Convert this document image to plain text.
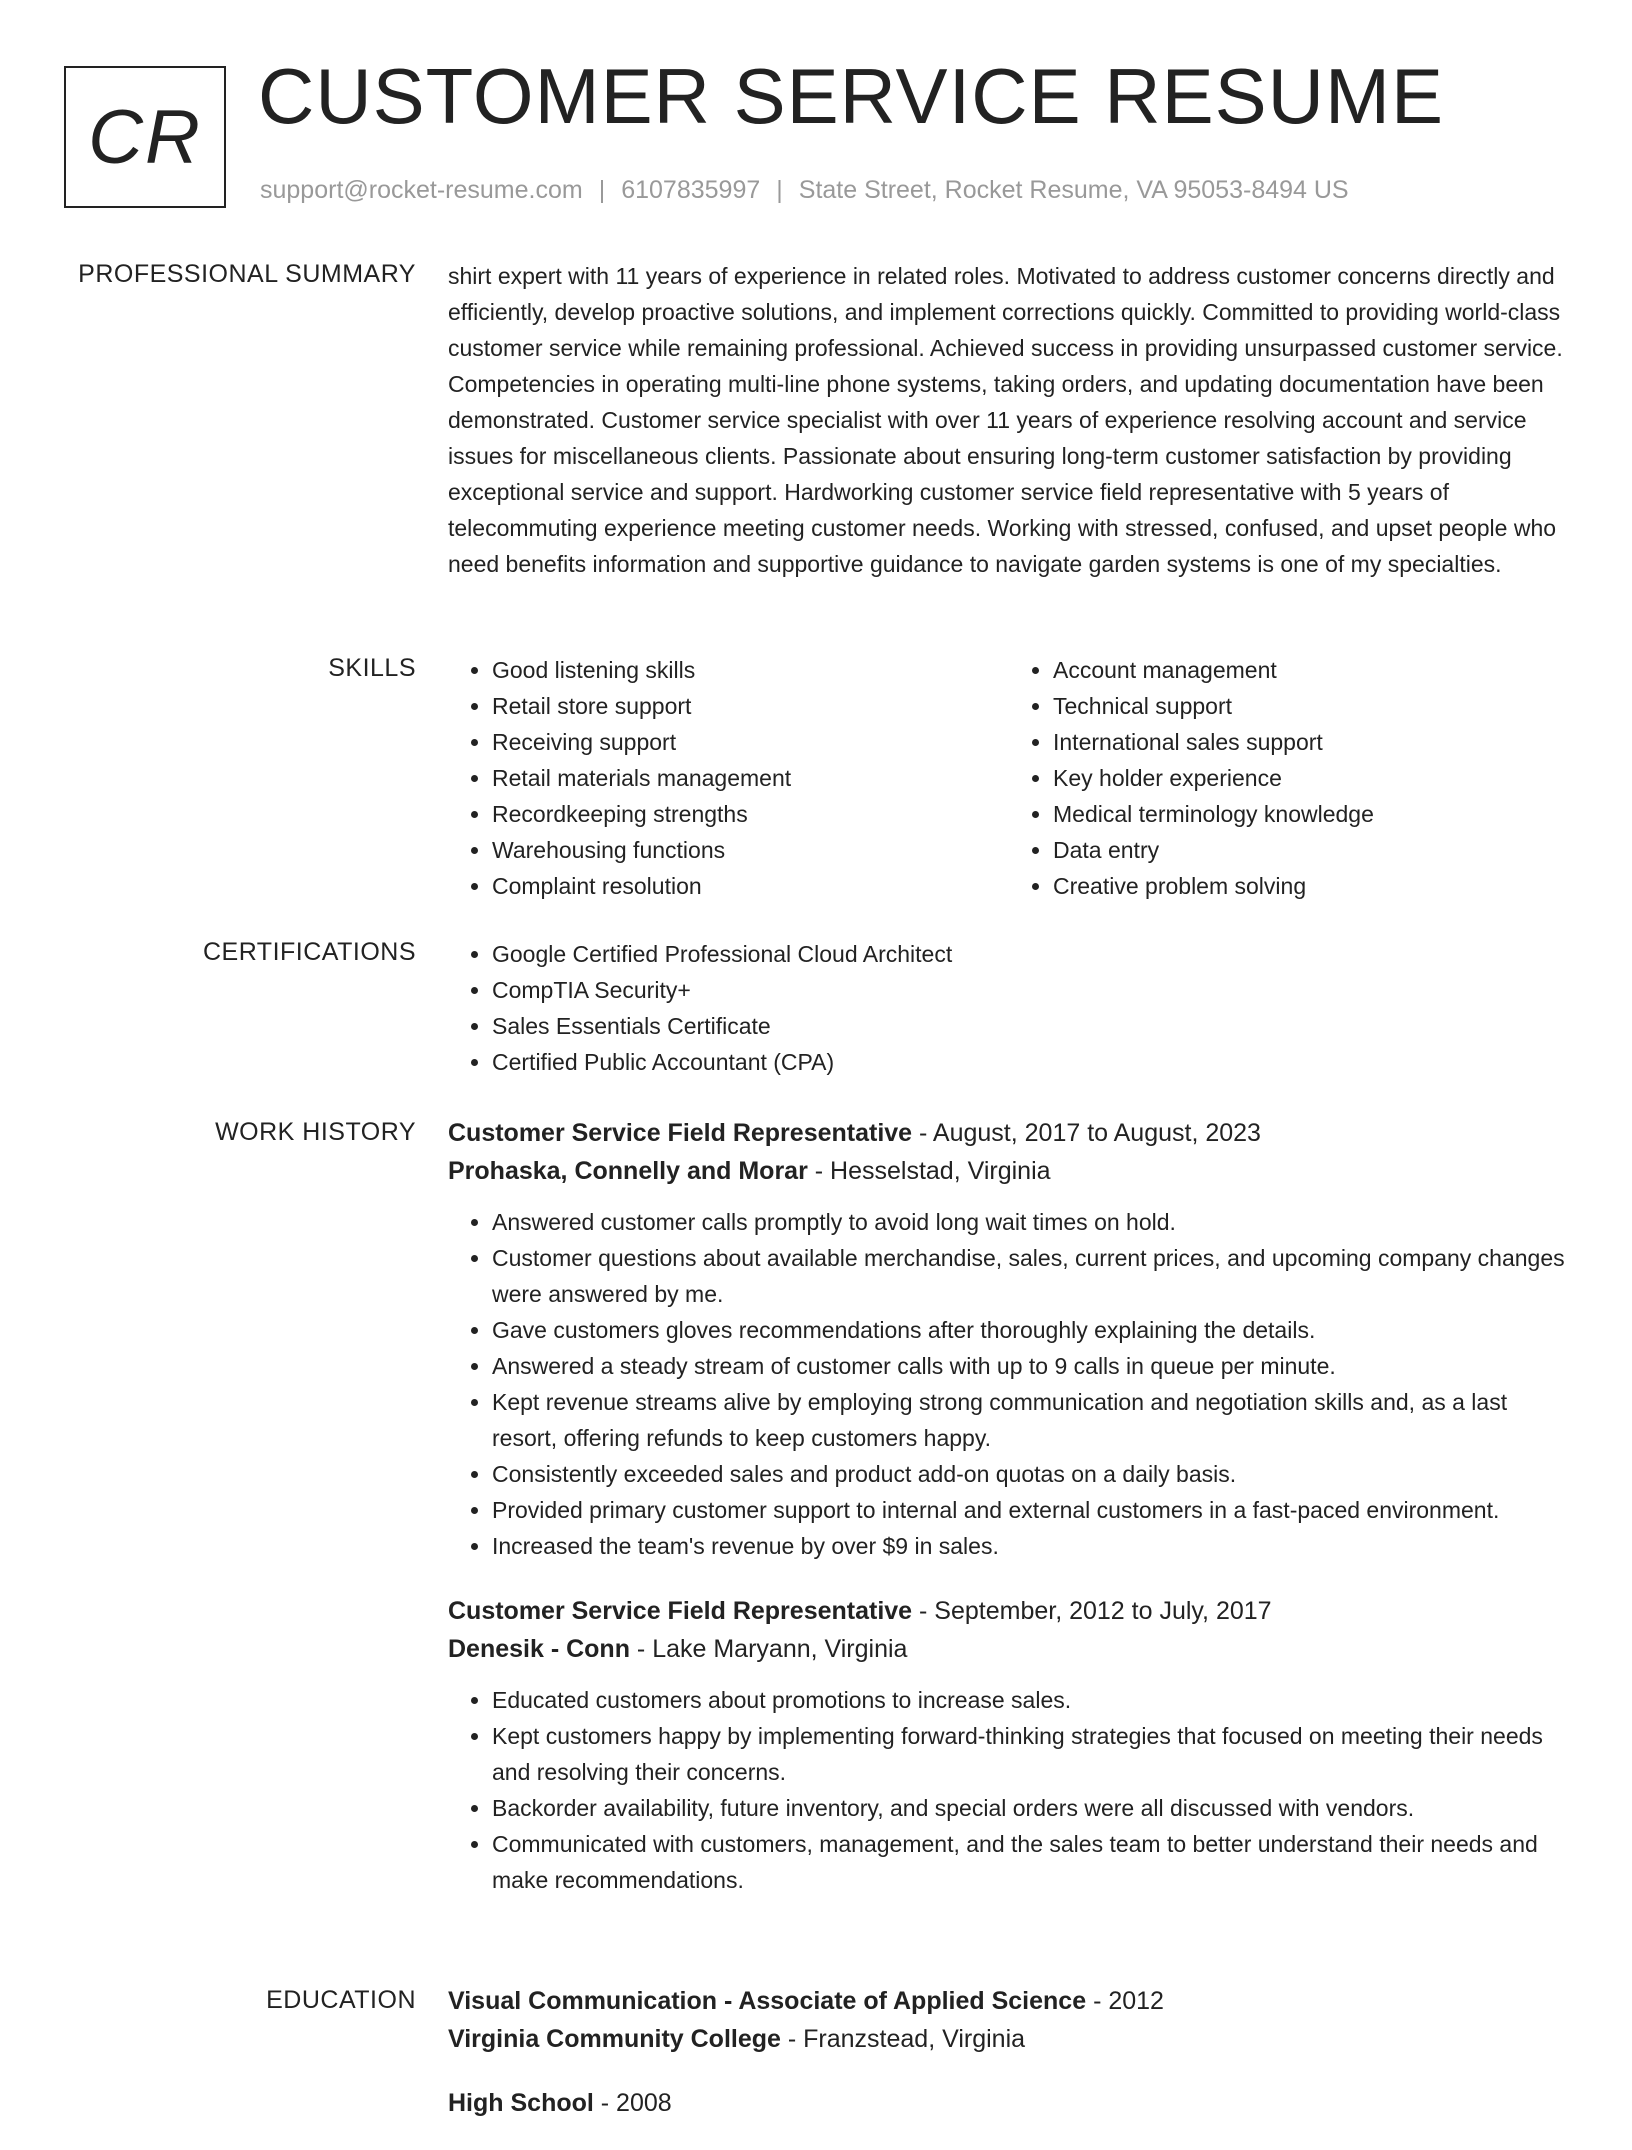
CR CUSTOMER SERVICE RESUME
support@rocket-resume.com | 6107835997 | State Street, Rocket Resume, VA 95053-8494 US
PROFESSIONAL SUMMARY shirt expert with 11 years of experience in related roles. Motivated to address customer concerns directly and efficiently, develop proactive solutions, and implement corrections quickly. Committed to providing world-class customer service while remaining professional. Achieved success in providing unsurpassed customer service. Competencies in operating multi-line phone systems, taking orders, and updating documentation have been demonstrated. Customer service specialist with over 11 years of experience resolving account and service issues for miscellaneous clients. Passionate about ensuring long-term customer satisfaction by providing exceptional service and support. Hardworking customer service field representative with 5 years of telecommuting experience meeting customer needs. Working with stressed, confused, and upset people who need benefits information and supportive guidance to navigate garden systems is one of my specialties.

SKILLS	• Good listening skills
• Retail store support
• Receiving support
• Retail materials management
• Recordkeeping strengths
• Warehousing functions
• Complaint resolution
• Account management
• Technical support
• International sales support
• Key holder experience
• Medical terminology knowledge
• Data entry
• Creative problem solving
CERTIFICATIONS	• Google Certified Professional Cloud Architect
• CompTIA Security+
• Sales Essentials Certificate
• Certified Public Accountant (CPA)
WORK HISTORY Customer Service Field Representative - August, 2017 to August, 2023
Prohaska, Connelly and Morar - Hesselstad, Virginia
• Answered customer calls promptly to avoid long wait times on hold.
• Customer questions about available merchandise, sales, current prices, and upcoming company changes were answered by me.
• Gave customers gloves recommendations after thoroughly explaining the details.
• Answered a steady stream of customer calls with up to 9 calls in queue per minute.
• Kept revenue streams alive by employing strong communication and negotiation skills and, as a last resort, offering refunds to keep customers happy.
• Consistently exceeded sales and product add-on quotas on a daily basis.
• Provided primary customer support to internal and external customers in a fast-paced environment.
• Increased the team's revenue by over $9 in sales.
Customer Service Field Representative - September, 2012 to July, 2017
Denesik - Conn - Lake Maryann, Virginia
• Educated customers about promotions to increase sales.
• Kept customers happy by implementing forward-thinking strategies that focused on meeting their needs and resolving their concerns.
• Backorder availability, future inventory, and special orders were all discussed with vendors.
• Communicated with customers, management, and the sales team to better understand their needs and make recommendations.
EDUCATION Visual Communication - Associate of Applied Science - 2012
Virginia Community College - Franzstead, Virginia
High School - 2008
